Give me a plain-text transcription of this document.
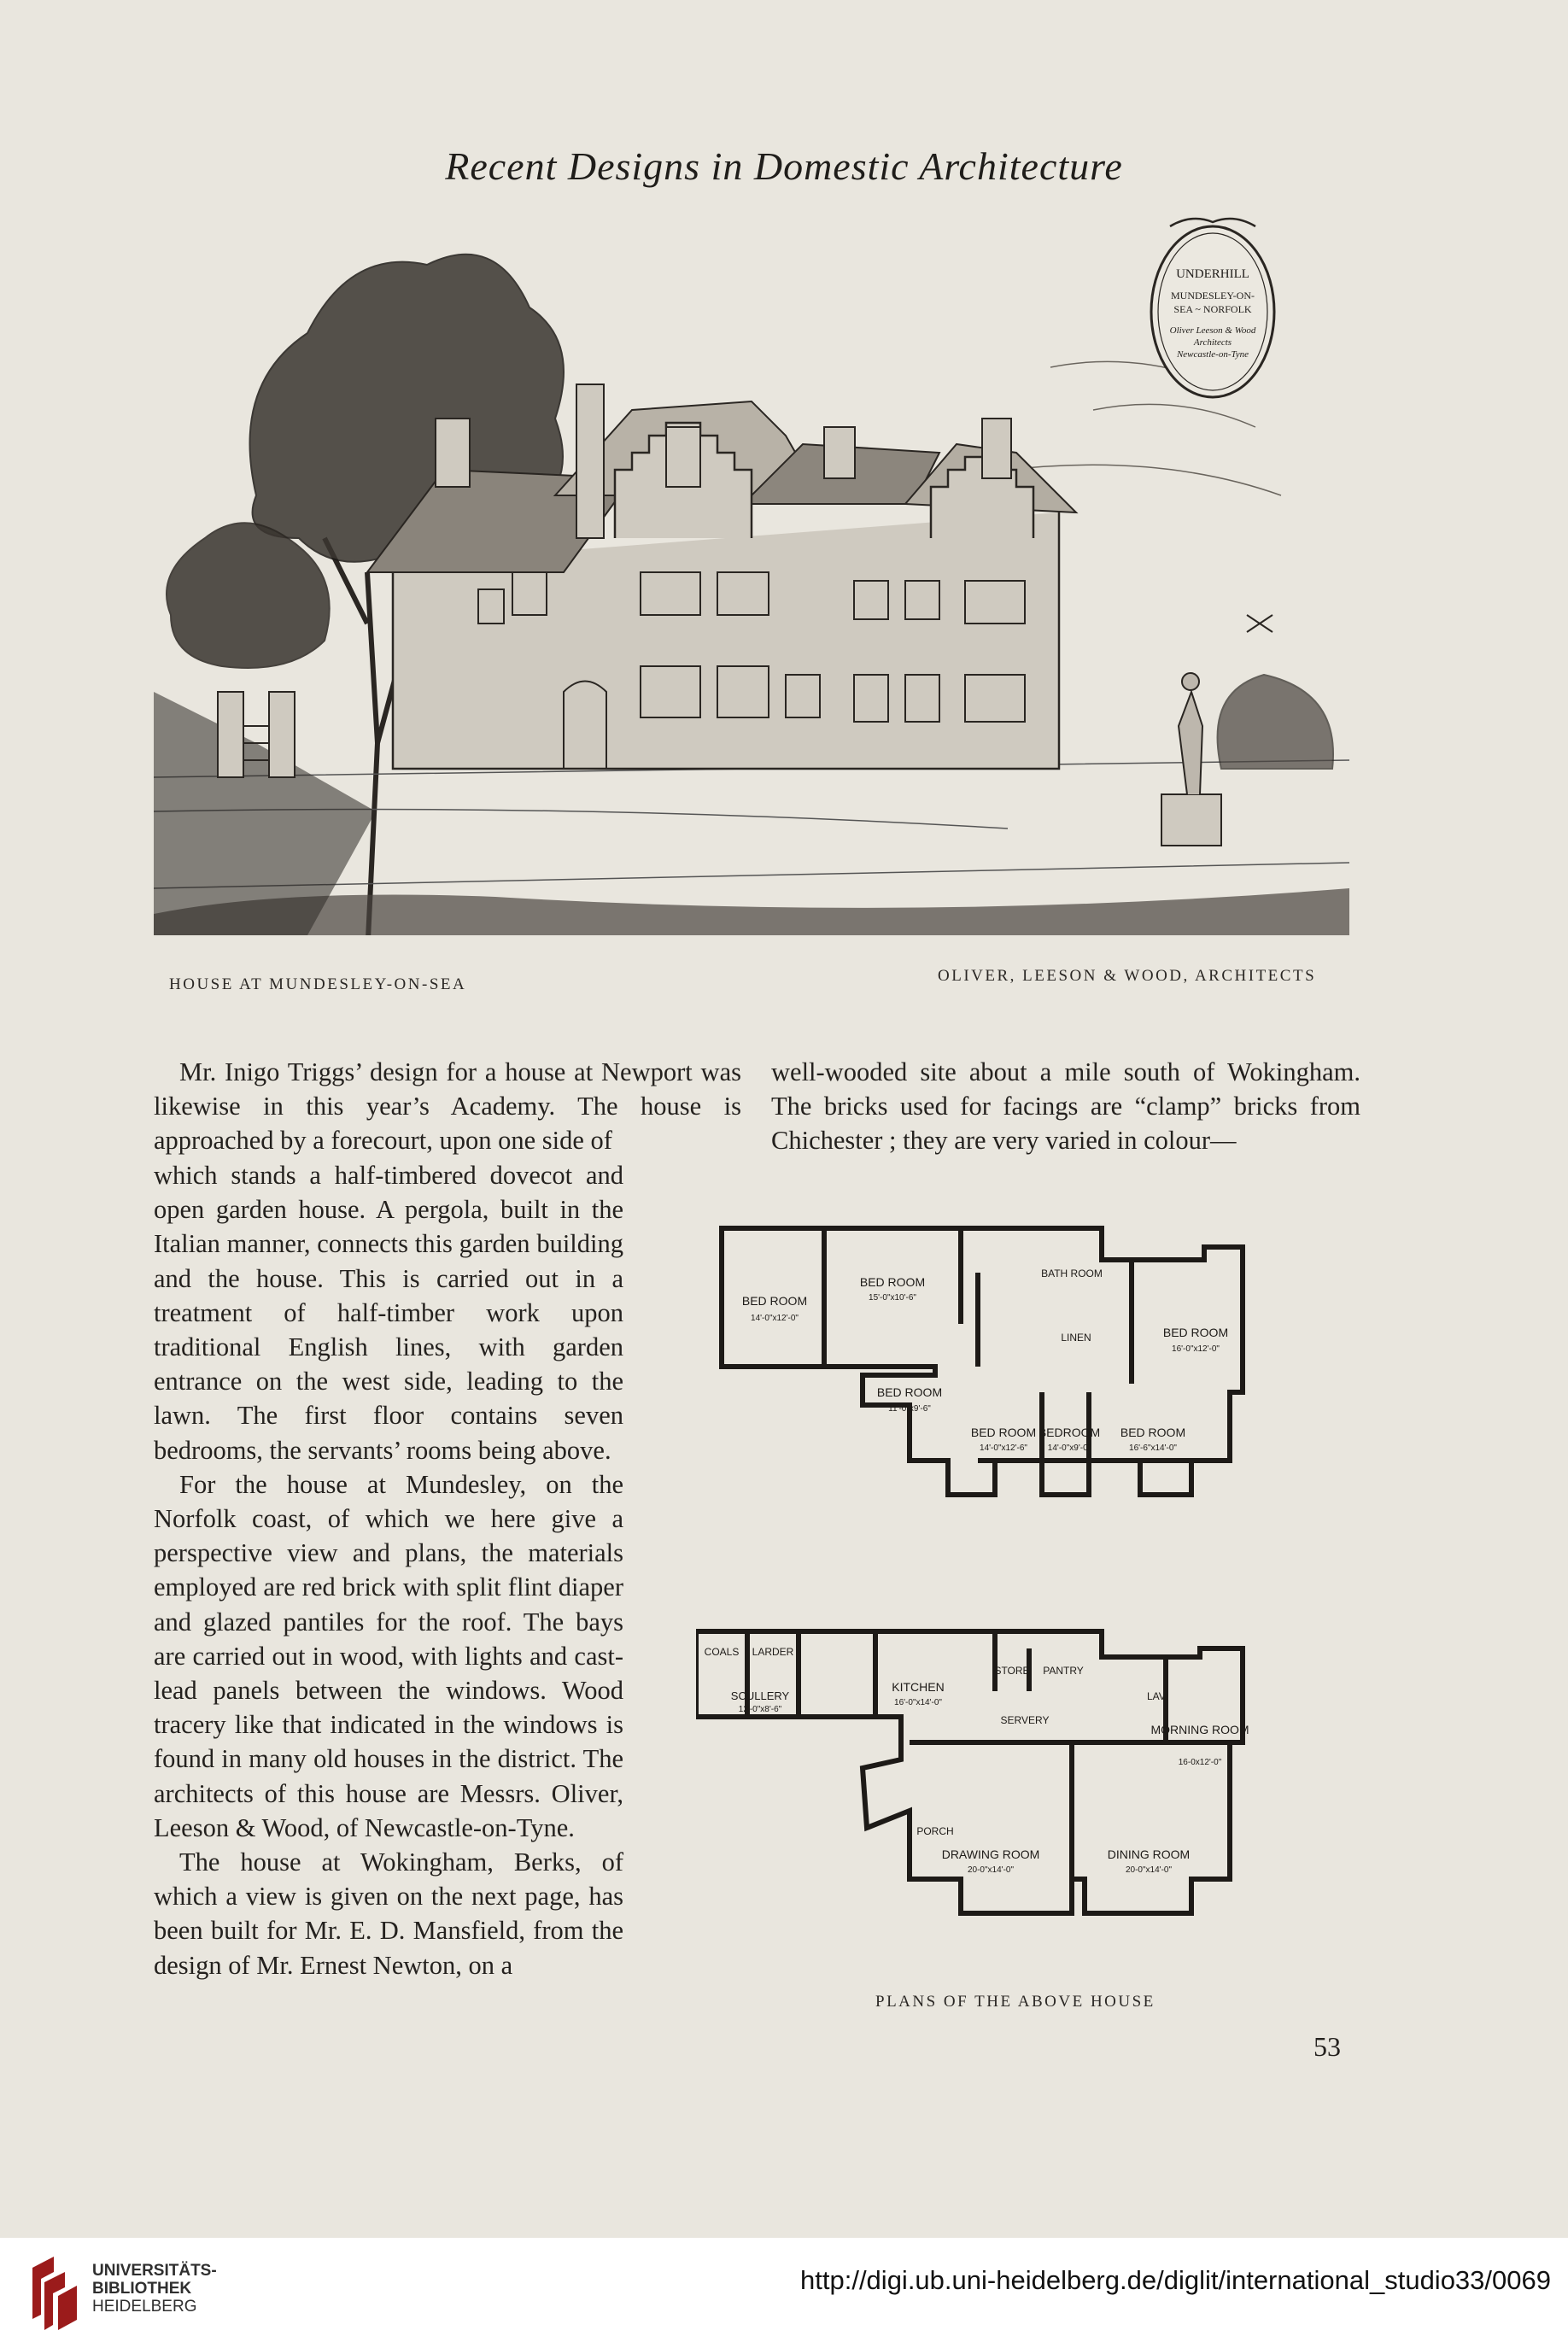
Recent Designs in Domestic Architecture
UNDERHILL
MUNDESLEY-ON-
SEA ~ NORFOLK
Oliver Leeson & Wood
Architects
Newcastle-on-Tyne
HOUSE AT MUNDESLEY-ON-SEA	OLIVER, LEESON & WOOD, ARCHITECTS

Mr. Inigo Triggs’ design for a house at Newport was likewise in this year’s Academy. The house is approached by a forecourt, upon one side of

well-wooded site about a mile south of Wokingham. The bricks used for facings are “clamp” bricks from Chichester ; they are very varied in colour—

which stands a half-timbered dovecot and open garden house. A pergola, built in the Italian manner, connects this garden building and the house. This is carried out in a treatment of half-timber work upon traditional English lines, with garden entrance on the west side, leading to the lawn. The first floor contains seven bedrooms, the servants’ rooms being above.

For the house at Mundesley, on the Norfolk coast, of which we here give a perspective view and plans, the materials employed are red brick with split flint diaper and glazed pantiles for the roof. The bays are carried out in wood, with lights and cast-lead panels between the windows. Wood tracery like that indicated in the windows is found in many old houses in the district. The architects of this house are Messrs. Oliver, Leeson & Wood, of Newcastle-on-Tyne.

The house at Wokingham, Berks, of which a view is given on the next page, has been built for Mr. E. D. Mansfield, from the design of Mr. Ernest Newton, on a

BED ROOM
14'-0"x12'-0"
BED ROOM
15'-0"x10'-6"
BATH ROOM
LINEN	BED ROOM
16'-0"x12'-0"
BED ROOM
11'-0"x9'-6"
BED ROOM
14'-0"x12'-6"
BEDROOM
14'-0"x9'-0"
BED ROOM
16'-6"x14'-0"
COALS LARDER
STORE PANTRY
LAV.
SCULLERY
12'-0"x8'-6"
KITCHEN
16'-0"x14'-0"
SERVERY
MORNING ROOM
16-0x12'-0"
PORCH
DRAWING ROOM
20-0"x14'-0"
DINING ROOM
20-0"x14'-0"
PLANS OF THE ABOVE HOUSE
53
UNIVERSITÄTS-
BIBLIOTHEK
HEIDELBERG
http://digi.ub.uni-heidelberg.de/diglit/international_studio33/0069
